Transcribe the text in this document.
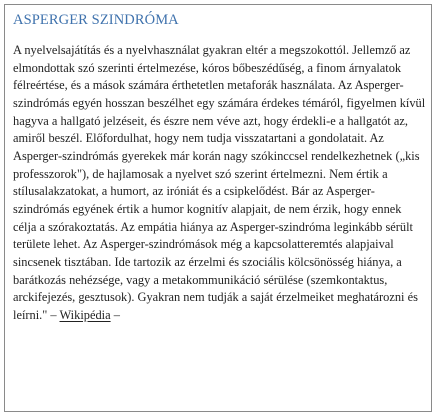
ASPERGER SZINDRÓMA

A nyelvelsajátítás és a nyelvhasználat gyakran eltér a megszokottól. Jellemző az elmondottak szó szerinti értelmezése, kóros bőbeszédűség, a finom árnyalatok félreértése, és a mások számára érthetetlen metaforák használata. Az Asperger-szindrómás egyén hosszan beszélhet egy számára érdekes témáról, figyelmen kívül hagyva a hallgató jelzéseit, és észre nem véve azt, hogy érdekli-e a hallgatót az, amiről beszél. Előfordulhat, hogy nem tudja visszatartani a gondolatait. Az Asperger-szindrómás gyerekek már korán nagy szókinccsel rendelkezhetnek („kis professzorok"), de hajlamosak a nyelvet szó szerint értelmezni. Nem értik a stílusalakzatokat, a humort, az iróniát és a csipkelődést. Bár az Asperger-szindrómás egyének értik a humor kognitív alapjait, de nem érzik, hogy ennek célja a szórakoztatás. Az empátia hiánya az Asperger-szindróma leginkább sérült területe lehet. Az Asperger-szindrómások még a kapcsolatteremtés alapjaival sincsenek tisztában. Ide tartozik az érzelmi és szociális kölcsönösség hiánya, a barátkozás nehézsége, vagy a metakommunikáció sérülése (szemkontaktus, arckifejezés, gesztusok). Gyakran nem tudják a saját érzelmeiket meghatározni és leírni." – Wikipédia –
